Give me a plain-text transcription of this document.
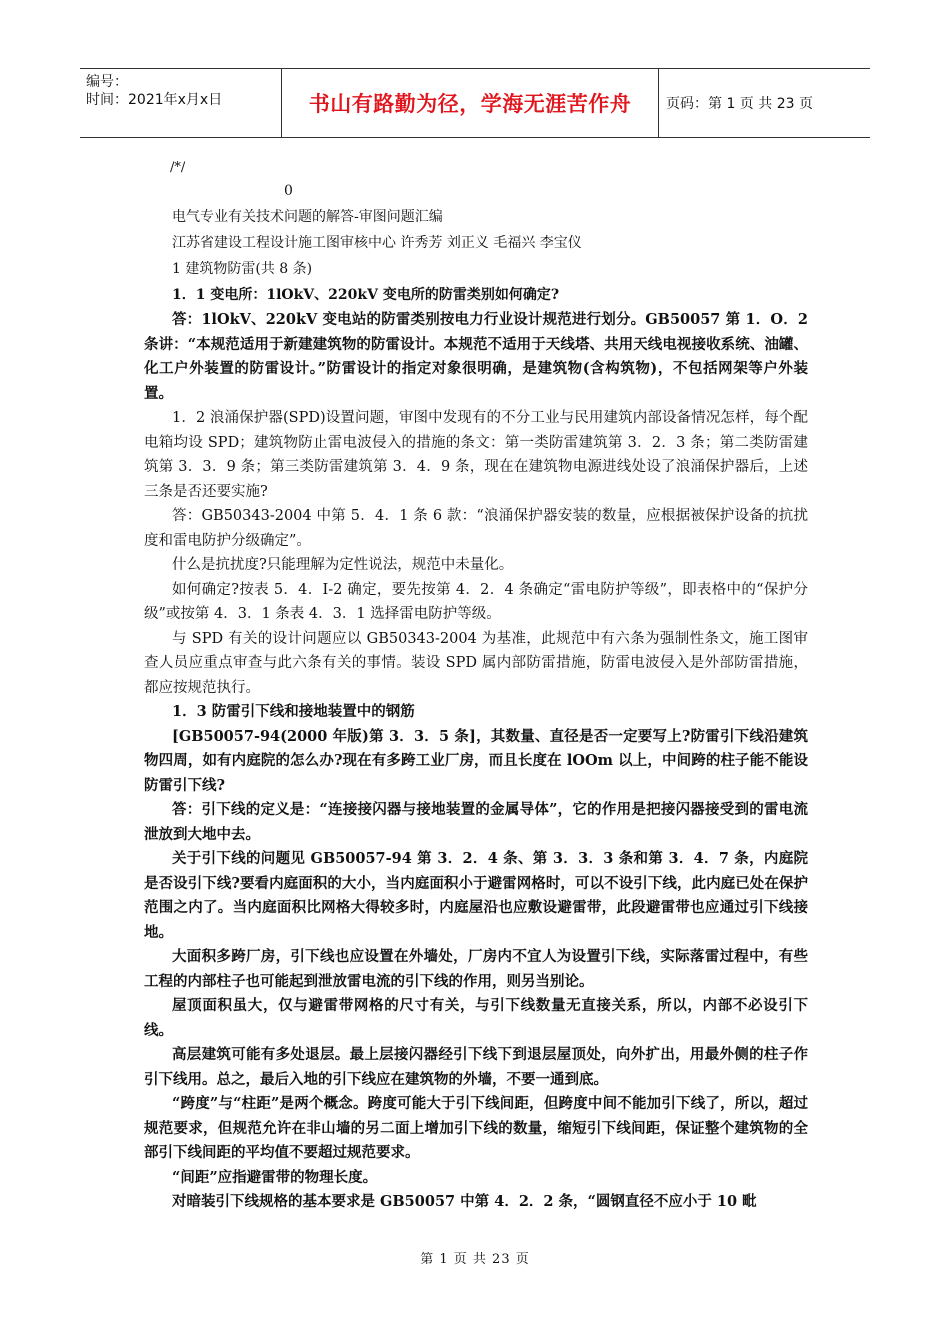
编号：
时间：2021年x月x日	书山有路勤为径，学海无涯苦作舟	页码：第 1 页 共 23 页
/*/
0
电气专业有关技术问题的解答-审图问题汇编
江苏省建设工程设计施工图审核中心 许秀芳 刘正义 毛福兴 李宝仪
1 建筑物防雷(共 8 条)
1．1 变电所：1lOkV、220kV 变电所的防雷类别如何确定?

答：1lOkV、220kV 变电站的防雷类别按电力行业设计规范进行划分。GB50057 第 1．O．2 条讲：“本规范适用于新建建筑物的防雷设计。本规范不适用于天线塔、共用天线电视接收系统、油罐、化工户外装置的防雷设计。”防雷设计的指定对象很明确，是建筑物(含构筑物)，不包括网架等户外装置。

1．2 浪涌保护器(SPD)设置问题，审图中发现有的不分工业与民用建筑内部设备情况怎样，每个配电箱均设 SPD；建筑物防止雷电波侵入的措施的条文：第一类防雷建筑第 3．2．3 条；第二类防雷建筑第 3．3．9 条；第三类防雷建筑第 3．4．9 条，现在在建筑物电源进线处设了浪涌保护器后，上述三条是否还要实施?

答：GB50343-2004 中第 5．4．1 条 6 款：“浪涌保护器安装的数量，应根据被保护设备的抗扰度和雷电防护分级确定”。

什么是抗扰度?只能理解为定性说法，规范中未量化。

如何确定?按表 5．4．I-2 确定，要先按第 4．2．4 条确定“雷电防护等级”，即表格中的“保护分级”或按第 4．3．1 条表 4．3．1 选择雷电防护等级。

与 SPD 有关的设计问题应以 GB50343-2004 为基准，此规范中有六条为强制性条文，施工图审查人员应重点审查与此六条有关的事情。装设 SPD 属内部防雷措施，防雷电波侵入是外部防雷措施，都应按规范执行。

1．3 防雷引下线和接地装置中的钢筋

[GB50057-94(2000 年版)第 3．3．5 条]，其数量、直径是否一定要写上?防雷引下线沿建筑物四周，如有内庭院的怎么办?现在有多跨工业厂房，而且长度在 lOOm 以上，中间跨的柱子能不能设防雷引下线?

答：引下线的定义是：“连接接闪器与接地装置的金属导体”，它的作用是把接闪器接受到的雷电流泄放到大地中去。

关于引下线的问题见 GB50057-94 第 3．2．4 条、第 3．3．3 条和第 3．4．7 条，内庭院是否设引下线?要看内庭面积的大小，当内庭面积小于避雷网格时，可以不设引下线，此内庭已处在保护范围之内了。当内庭面积比网格大得较多时，内庭屋沿也应敷设避雷带，此段避雷带也应通过引下线接地。

大面积多跨厂房，引下线也应设置在外墙处，厂房内不宜人为设置引下线，实际落雷过程中，有些工程的内部柱子也可能起到泄放雷电流的引下线的作用，则另当别论。

屋顶面积虽大，仅与避雷带网格的尺寸有关，与引下线数量无直接关系，所以，内部不必设引下线。

高层建筑可能有多处退层。最上层接闪器经引下线下到退层屋顶处，向外扩出，用最外侧的柱子作引下线用。总之，最后入地的引下线应在建筑物的外墙，不要一通到底。

“跨度”与“柱距”是两个概念。跨度可能大于引下线间距，但跨度中间不能加引下线了，所以，超过规范要求，但规范允许在非山墙的另二面上增加引下线的数量，缩短引下线间距，保证整个建筑物的全部引下线间距的平均值不要超过规范要求。

“间距”应指避雷带的物理长度。

对暗装引下线规格的基本要求是 GB50057 中第 4．2．2 条，“圆钢直径不应小于 10 毗

第 1 页 共 23 页
